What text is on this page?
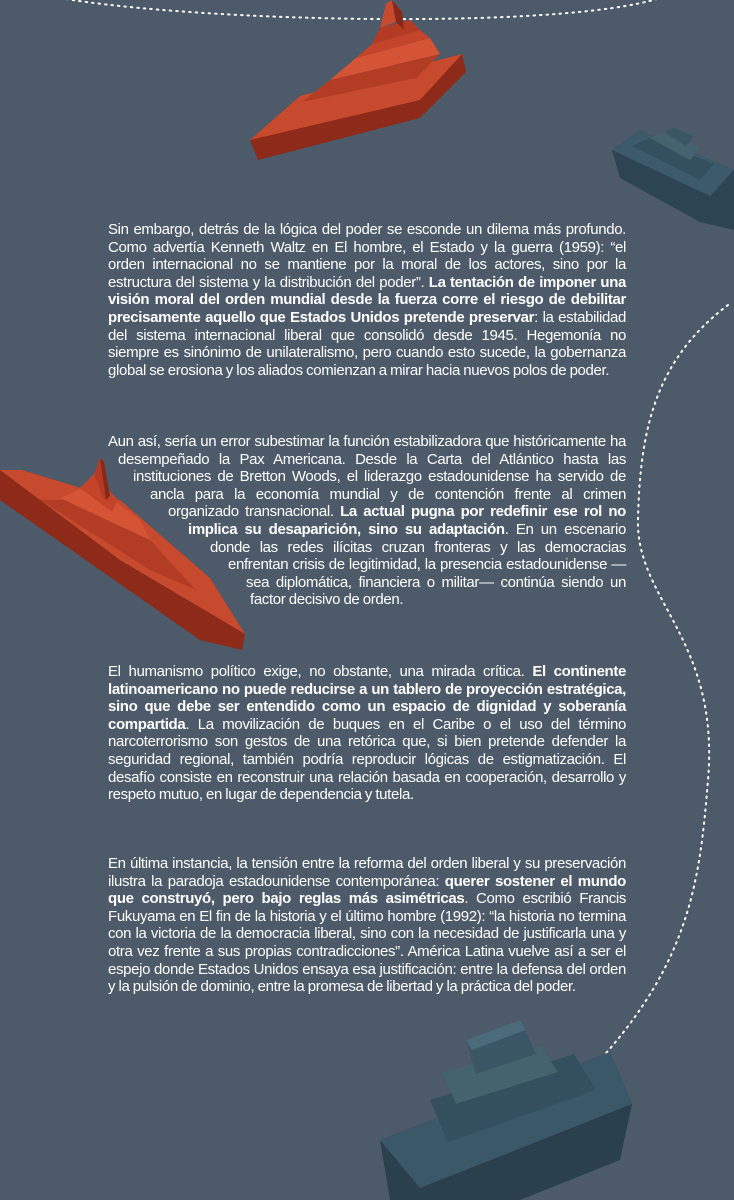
Sin embargo, detrás de la lógica del poder se esconde un dilema más profundo. Como advertía Kenneth Waltz en El hombre, el Estado y la guerra (1959): “el orden internacional no se mantiene por la moral de los actores, sino por la estructura del sistema y la distribución del poder”. La tentación de imponer una visión moral del orden mundial desde la fuerza corre el riesgo de debilitar precisamente aquello que Estados Unidos pretende preservar: la estabilidad del sistema internacional liberal que consolidó desde 1945. Hegemonía no siempre es sinónimo de unilateralismo, pero cuando esto sucede, la gobernanza global se erosiona y los aliados comienzan a mirar hacia nuevos polos de poder.

Aun así, sería un error subestimar la función estabilizadora que históricamente ha desempeñado la Pax Americana. Desde la Carta del Atlántico hasta las instituciones de Bretton Woods, el liderazgo estadounidense ha servido de ancla para la economía mundial y de contención frente al crimen organizado transnacional. La actual pugna por redefinir ese rol no implica su desaparición, sino su adaptación. En un escenario donde las redes ilícitas cruzan fronteras y las democracias enfrentan crisis de legitimidad, la presencia estadounidense —sea diplomática, financiera o militar— continúa siendo un factor decisivo de orden.

El humanismo político exige, no obstante, una mirada crítica. El continente latinoamericano no puede reducirse a un tablero de proyección estratégica, sino que debe ser entendido como un espacio de dignidad y soberanía compartida. La movilización de buques en el Caribe o el uso del término narcoterrorismo son gestos de una retórica que, si bien pretende defender la seguridad regional, también podría reproducir lógicas de estigmatización. El desafío consiste en reconstruir una relación basada en cooperación, desarrollo y respeto mutuo, en lugar de dependencia y tutela.

En última instancia, la tensión entre la reforma del orden liberal y su preservación ilustra la paradoja estadounidense contemporánea: querer sostener el mundo que construyó, pero bajo reglas más asimétricas. Como escribió Francis Fukuyama en El fin de la historia y el último hombre (1992): “la historia no termina con la victoria de la democracia liberal, sino con la necesidad de justificarla una y otra vez frente a sus propias contradicciones”. América Latina vuelve así a ser el espejo donde Estados Unidos ensaya esa justificación: entre la defensa del orden y la pulsión de dominio, entre la promesa de libertad y la práctica del poder.
